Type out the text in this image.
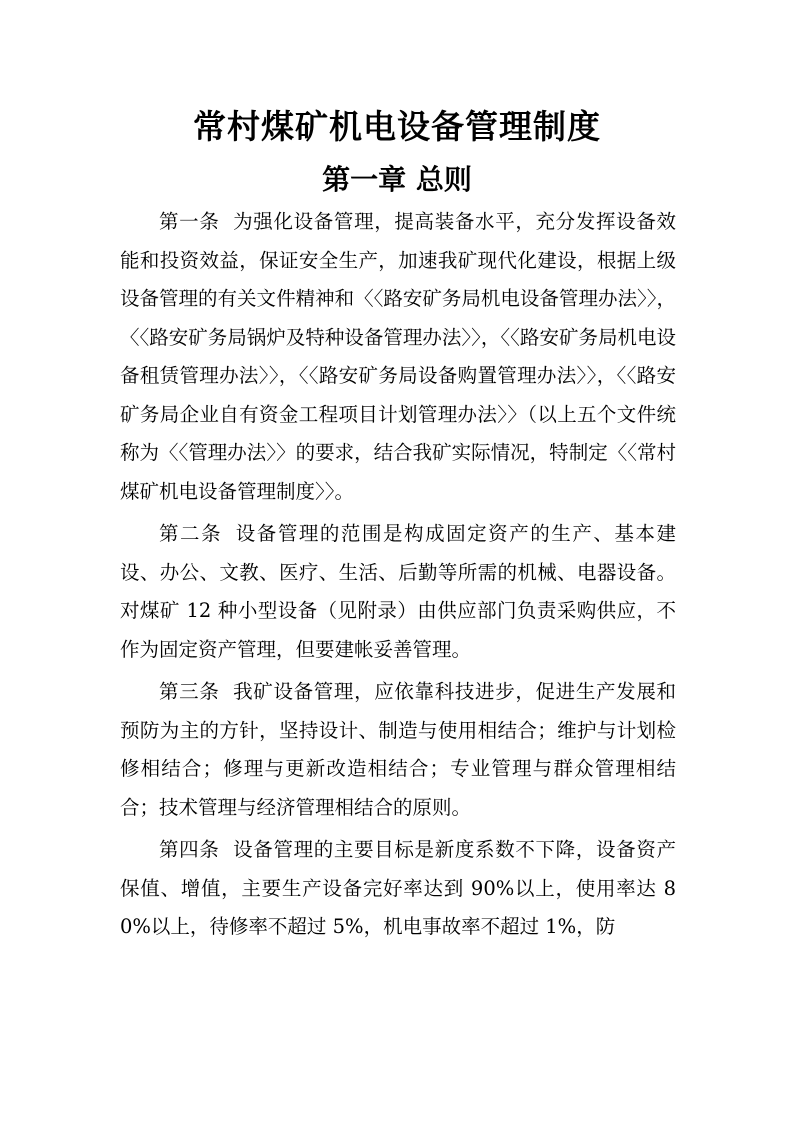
常村煤矿机电设备管理制度
第一章 总则

第一条 为强化设备管理，提高装备水平，充分发挥设备效能和投资效益，保证安全生产，加速我矿现代化建设，根据上级设备管理的有关文件精神和〈〈路安矿务局机电设备管理办法〉〉，〈〈路安矿务局锅炉及特种设备管理办法〉〉，〈〈路安矿务局机电设备租赁管理办法〉〉，〈〈路安矿务局设备购置管理办法〉〉，〈〈路安矿务局企业自有资金工程项目计划管理办法〉〉（以上五个文件统称为〈〈管理办法〉〉的要求，结合我矿实际情况，特制定〈〈常村煤矿机电设备管理制度〉〉。

第二条 设备管理的范围是构成固定资产的生产、基本建设、办公、文教、医疗、生活、后勤等所需的机械、电器设备。对煤矿 12 种小型设备（见附录）由供应部门负责采购供应，不作为固定资产管理，但要建帐妥善管理。

第三条 我矿设备管理，应依靠科技进步，促进生产发展和预防为主的方针，坚持设计、制造与使用相结合；维护与计划检修相结合；修理与更新改造相结合；专业管理与群众管理相结合；技术管理与经济管理相结合的原则。

第四条 设备管理的主要目标是新度系数不下降，设备资产保值、增值，主要生产设备完好率达到 90%以上，使用率达 80%以上，待修率不超过 5%，机电事故率不超过 1%，防
